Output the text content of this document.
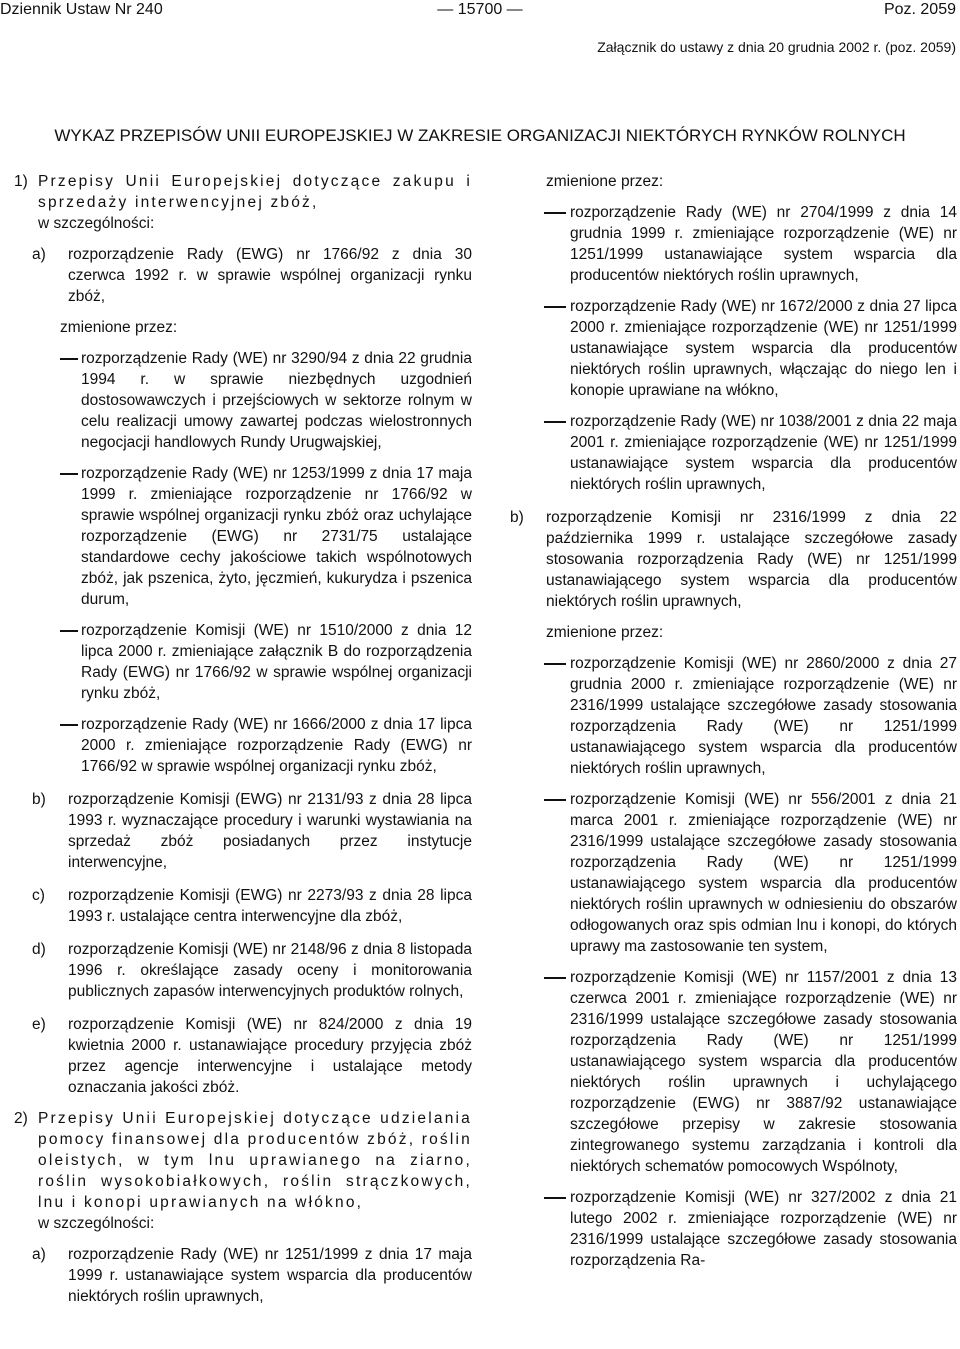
Dziennik Ustaw Nr 240	— 15700 —	Poz. 2059
Załącznik do ustawy z dnia 20 grudnia 2002 r. (poz. 2059)
WYKAZ PRZEPISÓW UNII EUROPEJSKIEJ W ZAKRESIE ORGANIZACJI NIEKTÓRYCH RYNKÓW ROLNYCH
1) Przepisy Unii Europejskiej dotyczące zakupu i sprzedaży interwencyjnej zbóż,

w szczególności:

a) rozporządzenie Rady (EWG) nr 1766/92 z dnia 30 czerwca 1992 r. w sprawie wspólnej organizacji rynku zbóż,

zmienione przez:

rozporządzenie Rady (WE) nr 3290/94 z dnia 22 grudnia 1994 r. w sprawie niezbędnych uzgodnień dostosowawczych i przejściowych w sektorze rolnym w celu realizacji umowy zawartej podczas wielostronnych negocjacji handlowych Rundy Urugwajskiej,

rozporządzenie Rady (WE) nr 1253/1999 z dnia 17 maja 1999 r. zmieniające rozporządzenie nr 1766/92 w sprawie wspólnej organizacji rynku zbóż oraz uchylające rozporządzenie (EWG) nr 2731/75 ustalające standardowe cechy jakościowe takich wspólnotowych zbóż, jak pszenica, żyto, jęczmień, kukurydza i pszenica durum,

rozporządzenie Komisji (WE) nr 1510/2000 z dnia 12 lipca 2000 r. zmieniające załącznik B do rozporządzenia Rady (EWG) nr 1766/92 w sprawie wspólnej organizacji rynku zbóż,

rozporządzenie Rady (WE) nr 1666/2000 z dnia 17 lipca 2000 r. zmieniające rozporządzenie Rady (EWG) nr 1766/92 w sprawie wspólnej organizacji rynku zbóż,

b) rozporządzenie Komisji (EWG) nr 2131/93 z dnia 28 lipca 1993 r. wyznaczające procedury i warunki wystawiania na sprzedaż zbóż posiadanych przez instytucje interwencyjne,

c) rozporządzenie Komisji (EWG) nr 2273/93 z dnia 28 lipca 1993 r. ustalające centra interwencyjne dla zbóż,

d) rozporządzenie Komisji (WE) nr 2148/96 z dnia 8 listopada 1996 r. określające zasady oceny i monitorowania publicznych zapasów interwencyjnych produktów rolnych,

e) rozporządzenie Komisji (WE) nr 824/2000 z dnia 19 kwietnia 2000 r. ustanawiające procedury przyjęcia zbóż przez agencje interwencyjne i ustalające metody oznaczania jakości zbóż.

2) Przepisy Unii Europejskiej dotyczące udzielania pomocy finansowej dla producentów zbóż, roślin oleistych, w tym lnu uprawianego na ziarno, roślin wysokobiałkowych, roślin strączkowych, lnu i konopi uprawianych na włókno,

w szczególności:

a) rozporządzenie Rady (WE) nr 1251/1999 z dnia 17 maja 1999 r. ustanawiające system wsparcia dla producentów niektórych roślin uprawnych,

zmienione przez:

rozporządzenie Rady (WE) nr 2704/1999 z dnia 14 grudnia 1999 r. zmieniające rozporządzenie (WE) nr 1251/1999 ustanawiające system wsparcia dla producentów niektórych roślin uprawnych,

rozporządzenie Rady (WE) nr 1672/2000 z dnia 27 lipca 2000 r. zmieniające rozporządzenie (WE) nr 1251/1999 ustanawiające system wsparcia dla producentów niektórych roślin uprawnych, włączając do niego len i konopie uprawiane na włókno,

rozporządzenie Rady (WE) nr 1038/2001 z dnia 22 maja 2001 r. zmieniające rozporządzenie (WE) nr 1251/1999 ustanawiające system wsparcia dla producentów niektórych roślin uprawnych,

b) rozporządzenie Komisji nr 2316/1999 z dnia 22 października 1999 r. ustalające szczegółowe zasady stosowania rozporządzenia Rady (WE) nr 1251/1999 ustanawiającego system wsparcia dla producentów niektórych roślin uprawnych,

zmienione przez:

rozporządzenie Komisji (WE) nr 2860/2000 z dnia 27 grudnia 2000 r. zmieniające rozporządzenie (WE) nr 2316/1999 ustalające szczegółowe zasady stosowania rozporządzenia Rady (WE) nr 1251/1999 ustanawiającego system wsparcia dla producentów niektórych roślin uprawnych,

rozporządzenie Komisji (WE) nr 556/2001 z dnia 21 marca 2001 r. zmieniające rozporządzenie (WE) nr 2316/1999 ustalające szczegółowe zasady stosowania rozporządzenia Rady (WE) nr 1251/1999 ustanawiającego system wsparcia dla producentów niektórych roślin uprawnych w odniesieniu do obszarów odłogowanych oraz spis odmian lnu i konopi, do których uprawy ma zastosowanie ten system,

rozporządzenie Komisji (WE) nr 1157/2001 z dnia 13 czerwca 2001 r. zmieniające rozporządzenie (WE) nr 2316/1999 ustalające szczegółowe zasady stosowania rozporządzenia Rady (WE) nr 1251/1999 ustanawiającego system wsparcia dla producentów niektórych roślin uprawnych i uchylającego rozporządzenie (EWG) nr 3887/92 ustanawiające szczegółowe przepisy w zakresie stosowania zintegrowanego systemu zarządzania i kontroli dla niektórych schematów pomocowych Wspólnoty,

rozporządzenie Komisji (WE) nr 327/2002 z dnia 21 lutego 2002 r. zmieniające rozporządzenie (WE) nr 2316/1999 ustalające szczegółowe zasady stosowania rozporządzenia Ra-
